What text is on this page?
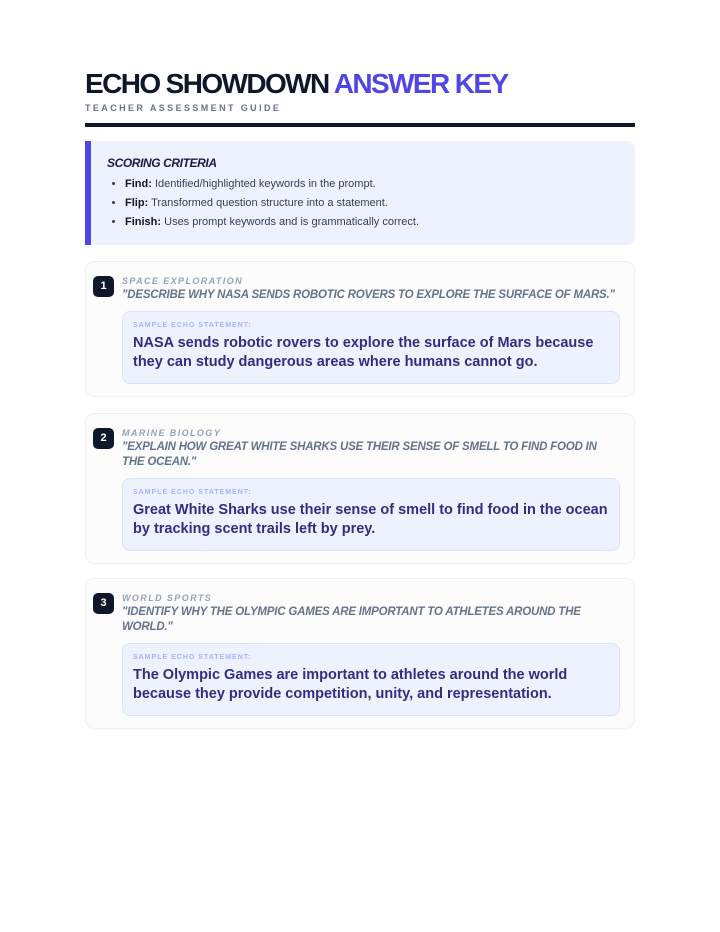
ECHO SHOWDOWN ANSWER KEY
TEACHER ASSESSMENT GUIDE
SCORING CRITERIA
• Find: Identified/highlighted keywords in the prompt.
• Flip: Transformed question structure into a statement.
• Finish: Uses prompt keywords and is grammatically correct.
1	SPACE EXPLORATION
"DESCRIBE WHY NASA SENDS ROBOTIC ROVERS TO EXPLORE THE SURFACE OF MARS."
SAMPLE ECHO STATEMENT:
NASA sends robotic rovers to explore the surface of Mars because they can study dangerous areas where humans cannot go.
2	MARINE BIOLOGY
"EXPLAIN HOW GREAT WHITE SHARKS USE THEIR SENSE OF SMELL TO FIND FOOD IN THE OCEAN."
SAMPLE ECHO STATEMENT:
Great White Sharks use their sense of smell to find food in the ocean by tracking scent trails left by prey.
3	WORLD SPORTS
"IDENTIFY WHY THE OLYMPIC GAMES ARE IMPORTANT TO ATHLETES AROUND THE WORLD."
SAMPLE ECHO STATEMENT:
The Olympic Games are important to athletes around the world because they provide competition, unity, and representation.
